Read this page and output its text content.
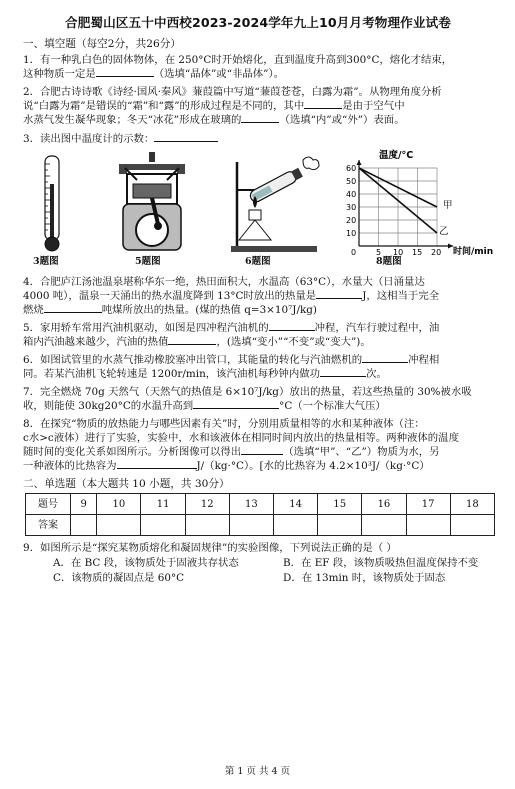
合肥蜀山区五十中西校2023-2024学年九上10月月考物理作业试卷
一、填空题（每空2分，共26分）
1．有一种乳白色的固体物体，在 250°C时开始熔化，直到温度升高到300°C，熔化才结束，
这种物质一定是	（选填“晶体”或“非晶体”）。
2．合肥古诗诗歌《诗经·国风·秦风》蒹葭篇中写道“蒹葭苍苍，白露为霜”。从物理角度分析
说“白露为霜”是错误的“霜”和“露”的形成过程是不同的，其中	是由于空气中
水蒸气发生凝华现象；冬天“冰花”形成在玻璃的	（选填“内”或“外”）表面。
3．读出图中温度计的示数：
3题图	5题图	6题图
温度/°C
60
50
40
30
20
10
0 5 10 15 20
甲
乙
时间/min
8题图
4．合肥庐江汤池温泉堪称华东一绝，热田面积大，水温高（63°C），水量大（日涌量达
4000 吨），温泉一天涌出的热水温度降到 13°C时放出的热量是	J，这相当于完全
燃烧	吨煤所放出的热量。(煤的热值 q=3×10⁷J/kg)
5．家用轿车常用汽油机驱动，如图是四冲程汽油机的	冲程，汽车行驶过程中，油
箱内汽油越来越少，汽油的热值	，(选填“变小”“不变”或“变大”)。
6．如图试管里的水蒸气推动橡胶塞冲出管口，其能量的转化与汽油燃机的	冲程相
同。若某汽油机飞轮转速是 1200r/min，该汽油机每秒钟内做功	次。
7．完全燃烧 70g 天然气（天然气的热值是 6×10⁷J/kg）放出的热量，若这些热量的 30%被水吸
收，则能使 30kg20°C的水温升高到	°C（一个标准大气压）
8．在探究“物质的放热能力与哪些因素有关”时，分别用质量相等的水和某种液体（注：
c水>c液体）进行了实验，实验中，水和该液体在相同时间内放出的热量相等。两种液体的温度
随时间的变化关系如图所示。分析图像可以得出	（选填“甲”、“乙”）物质为水，另
一种液体的比热容为	J/（kg·°C）。[水的比热容为 4.2×10³J/（kg·°C）
二、单选题（本大题共 10 小题，共 30分）
题号	9	10	11	12	13	14	15	16	17	18
答案										
9．如图所示是“探究某物质熔化和凝固规律”的实验图像，下列说法正确的是（ ）
A．在 BC 段，该物质处于固液共存状态	B．在 EF 段，该物质吸热但温度保持不变
C．该物质的凝固点是 60°C	D．在 13min 时，该物质处于固态
第 1 页 共 4 页
